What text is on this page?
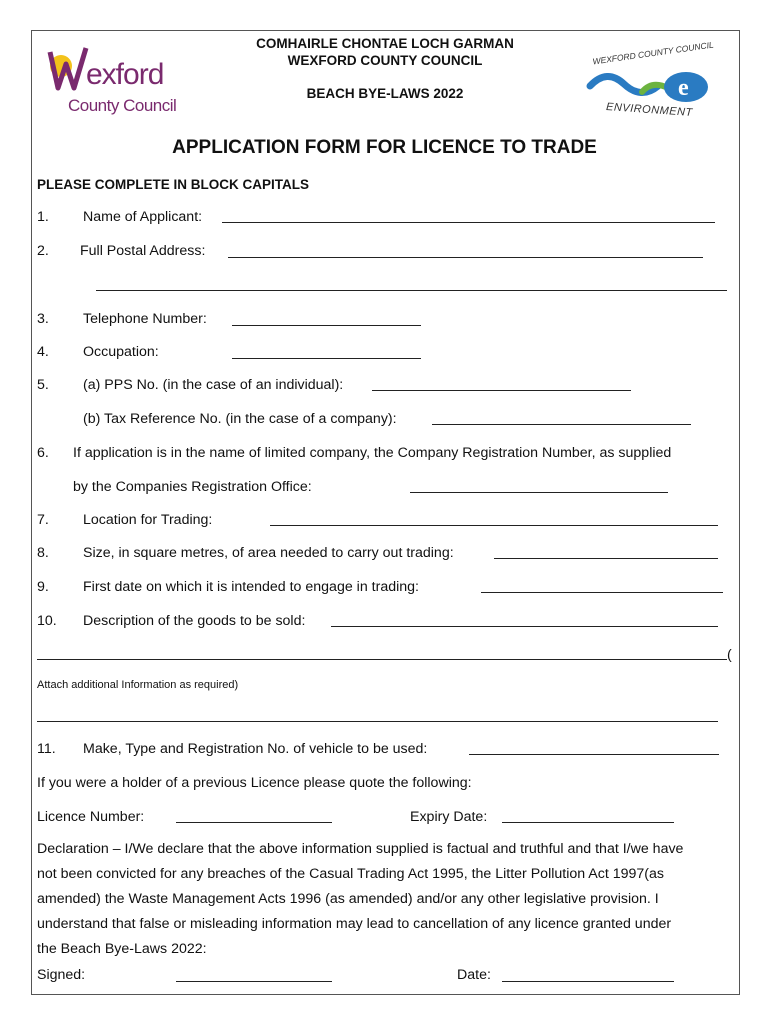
exford
County Council
COMHAIRLE CHONTAE LOCH GARMAN
WEXFORD COUNTY COUNCIL
BEACH BYE-LAWS 2022	e
WEXFORD COUNTY COUNCIL
ENVIRONMENT
APPLICATION FORM FOR LICENCE TO TRADE
PLEASE COMPLETE IN BLOCK CAPITALS
1. Name of Applicant:
2. Full Postal Address:
3. Telephone Number:
4. Occupation:
5. (a) PPS No. (in the case of an individual):
(b) Tax Reference No. (in the case of a company):
6. If application is in the name of limited company, the Company Registration Number, as supplied
by the Companies Registration Office:
7. Location for Trading:
8. Size, in square metres, of area needed to carry out trading:
9. First date on which it is intended to engage in trading:
10. Description of the goods to be sold:
(
Attach additional Information as required)
11. Make, Type and Registration No. of vehicle to be used:
If you were a holder of a previous Licence please quote the following:
Licence Number:	Expiry Date:
Declaration – I/We declare that the above information supplied is factual and truthful and that I/we have
not been convicted for any breaches of the Casual Trading Act 1995, the Litter Pollution Act 1997(as
amended) the Waste Management Acts 1996 (as amended) and/or any other legislative provision. I
understand that false or misleading information may lead to cancellation of any licence granted under
the Beach Bye-Laws 2022:
Signed:	Date:
